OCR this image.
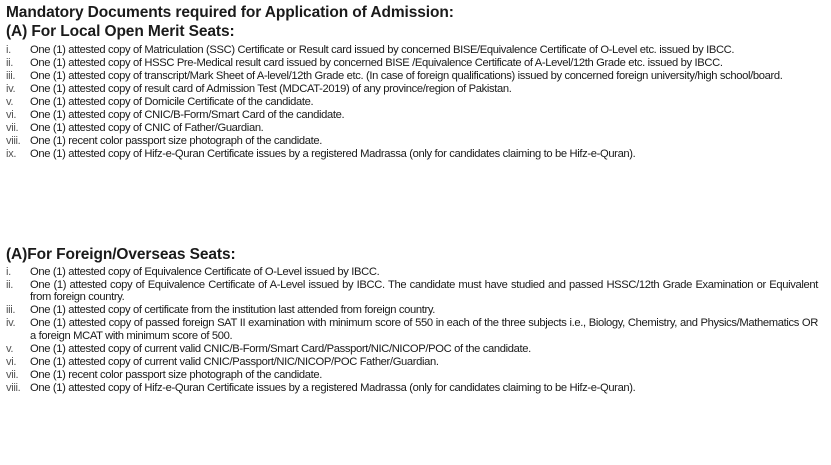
Mandatory Documents required for Application of Admission:
(A) For Local Open Merit Seats:
i.	One (1) attested copy of Matriculation (SSC) Certificate or Result card issued by concerned BISE/Equivalence Certificate of O-Level etc. issued by IBCC.
ii.	One (1) attested copy of HSSC Pre-Medical result card issued by concerned BISE /Equivalence Certificate of A-Level/12th Grade etc. issued by IBCC.
iii.	One (1) attested copy of transcript/Mark Sheet of A-level/12th Grade etc. (In case of foreign qualifications) issued by concerned foreign university/high school/board.
iv.	One (1) attested copy of result card of Admission Test (MDCAT-2019) of any province/region of Pakistan.
v.	One (1) attested copy of Domicile Certificate of the candidate.
vi.	One (1) attested copy of CNIC/B-Form/Smart Card of the candidate.
vii.	One (1) attested copy of CNIC of Father/Guardian.
viii. One (1) recent color passport size photograph of the candidate.
ix.	One (1) attested copy of Hifz-e-Quran Certificate issues by a registered Madrassa (only for candidates claiming to be Hifz-e-Quran).
(A)For Foreign/Overseas Seats:
i.	One (1) attested copy of Equivalence Certificate of O-Level issued by IBCC.
ii.	One (1) attested copy of Equivalence Certificate of A-Level issued by IBCC. The candidate must have studied and passed HSSC/12th Grade Examination or Equivalent from foreign country.
iii.	One (1) attested copy of certificate from the institution last attended from foreign country.
iv.	One (1) attested copy of passed foreign SAT II examination with minimum score of 550 in each of the three subjects i.e., Biology, Chemistry, and Physics/Mathematics OR a foreign MCAT with minimum score of 500.
v.	One (1) attested copy of current valid CNIC/B-Form/Smart Card/Passport/NIC/NICOP/POC of the candidate.
vi.	One (1) attested copy of current valid CNIC/Passport/NIC/NICOP/POC Father/Guardian.
vii.	One (1) recent color passport size photograph of the candidate.
viii. One (1) attested copy of Hifz-e-Quran Certificate issues by a registered Madrassa (only for candidates claiming to be Hifz-e-Quran).
